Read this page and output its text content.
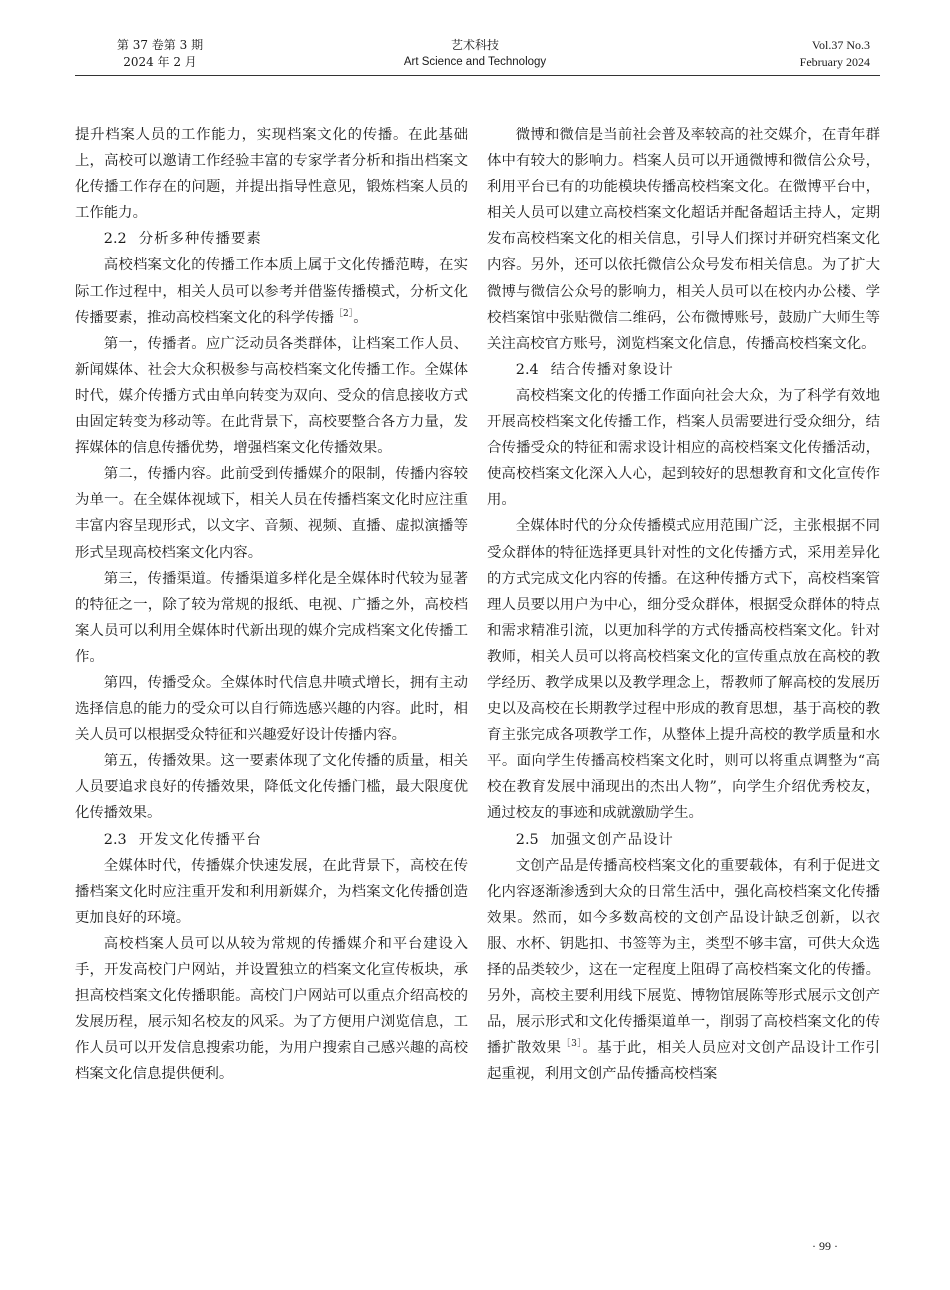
第 37 卷第 3 期
2024 年 2 月
艺术科技
Art Science and Technology
Vol.37 No.3
February 2024

提升档案人员的工作能力，实现档案文化的传播。在此基础上，高校可以邀请工作经验丰富的专家学者分析和指出档案文化传播工作存在的问题，并提出指导性意见，锻炼档案人员的工作能力。

2.2 分析多种传播要素

高校档案文化的传播工作本质上属于文化传播范畴，在实际工作过程中，相关人员可以参考并借鉴传播模式，分析文化传播要素，推动高校档案文化的科学传播$^{[2]}$。

第一，传播者。应广泛动员各类群体，让档案工作人员、新闻媒体、社会大众积极参与高校档案文化传播工作。全媒体时代，媒介传播方式由单向转变为双向、受众的信息接收方式由固定转变为移动等。在此背景下，高校要整合各方力量，发挥媒体的信息传播优势，增强档案文化传播效果。

第二，传播内容。此前受到传播媒介的限制，传播内容较为单一。在全媒体视域下，相关人员在传播档案文化时应注重丰富内容呈现形式，以文字、音频、视频、直播、虚拟演播等形式呈现高校档案文化内容。

第三，传播渠道。传播渠道多样化是全媒体时代较为显著的特征之一，除了较为常规的报纸、电视、广播之外，高校档案人员可以利用全媒体时代新出现的媒介完成档案文化传播工作。

第四，传播受众。全媒体时代信息井喷式增长，拥有主动选择信息的能力的受众可以自行筛选感兴趣的内容。此时，相关人员可以根据受众特征和兴趣爱好设计传播内容。

第五，传播效果。这一要素体现了文化传播的质量，相关人员要追求良好的传播效果，降低文化传播门槛，最大限度优化传播效果。

2.3 开发文化传播平台

全媒体时代，传播媒介快速发展，在此背景下，高校在传播档案文化时应注重开发和利用新媒介，为档案文化传播创造更加良好的环境。

高校档案人员可以从较为常规的传播媒介和平台建设入手，开发高校门户网站，并设置独立的档案文化宣传板块，承担高校档案文化传播职能。高校门户网站可以重点介绍高校的发展历程，展示知名校友的风采。为了方便用户浏览信息，工作人员可以开发信息搜索功能，为用户搜索自己感兴趣的高校档案文化信息提供便利。

微博和微信是当前社会普及率较高的社交媒介，在青年群体中有较大的影响力。档案人员可以开通微博和微信公众号，利用平台已有的功能模块传播高校档案文化。在微博平台中，相关人员可以建立高校档案文化超话并配备超话主持人，定期发布高校档案文化的相关信息，引导人们探讨并研究档案文化内容。另外，还可以依托微信公众号发布相关信息。为了扩大微博与微信公众号的影响力，相关人员可以在校内办公楼、学校档案馆中张贴微信二维码，公布微博账号，鼓励广大师生等关注高校官方账号，浏览档案文化信息，传播高校档案文化。

2.4 结合传播对象设计

高校档案文化的传播工作面向社会大众，为了科学有效地开展高校档案文化传播工作，档案人员需要进行受众细分，结合传播受众的特征和需求设计相应的高校档案文化传播活动，使高校档案文化深入人心，起到较好的思想教育和文化宣传作用。

全媒体时代的分众传播模式应用范围广泛，主张根据不同受众群体的特征选择更具针对性的文化传播方式，采用差异化的方式完成文化内容的传播。在这种传播方式下，高校档案管理人员要以用户为中心，细分受众群体，根据受众群体的特点和需求精准引流，以更加科学的方式传播高校档案文化。针对教师，相关人员可以将高校档案文化的宣传重点放在高校的教学经历、教学成果以及教学理念上，帮教师了解高校的发展历史以及高校在长期教学过程中形成的教育思想，基于高校的教育主张完成各项教学工作，从整体上提升高校的教学质量和水平。面向学生传播高校档案文化时，则可以将重点调整为“高校在教育发展中涌现出的杰出人物”，向学生介绍优秀校友，通过校友的事迹和成就激励学生。

2.5 加强文创产品设计

文创产品是传播高校档案文化的重要载体，有利于促进文化内容逐渐渗透到大众的日常生活中，强化高校档案文化传播效果。然而，如今多数高校的文创产品设计缺乏创新，以衣服、水杯、钥匙扣、书签等为主，类型不够丰富，可供大众选择的品类较少，这在一定程度上阻碍了高校档案文化的传播。另外，高校主要利用线下展览、博物馆展陈等形式展示文创产品，展示形式和文化传播渠道单一，削弱了高校档案文化的传播扩散效果$^{[3]}$。基于此，相关人员应对文创产品设计工作引起重视，利用文创产品传播高校档案

· 99 ·
